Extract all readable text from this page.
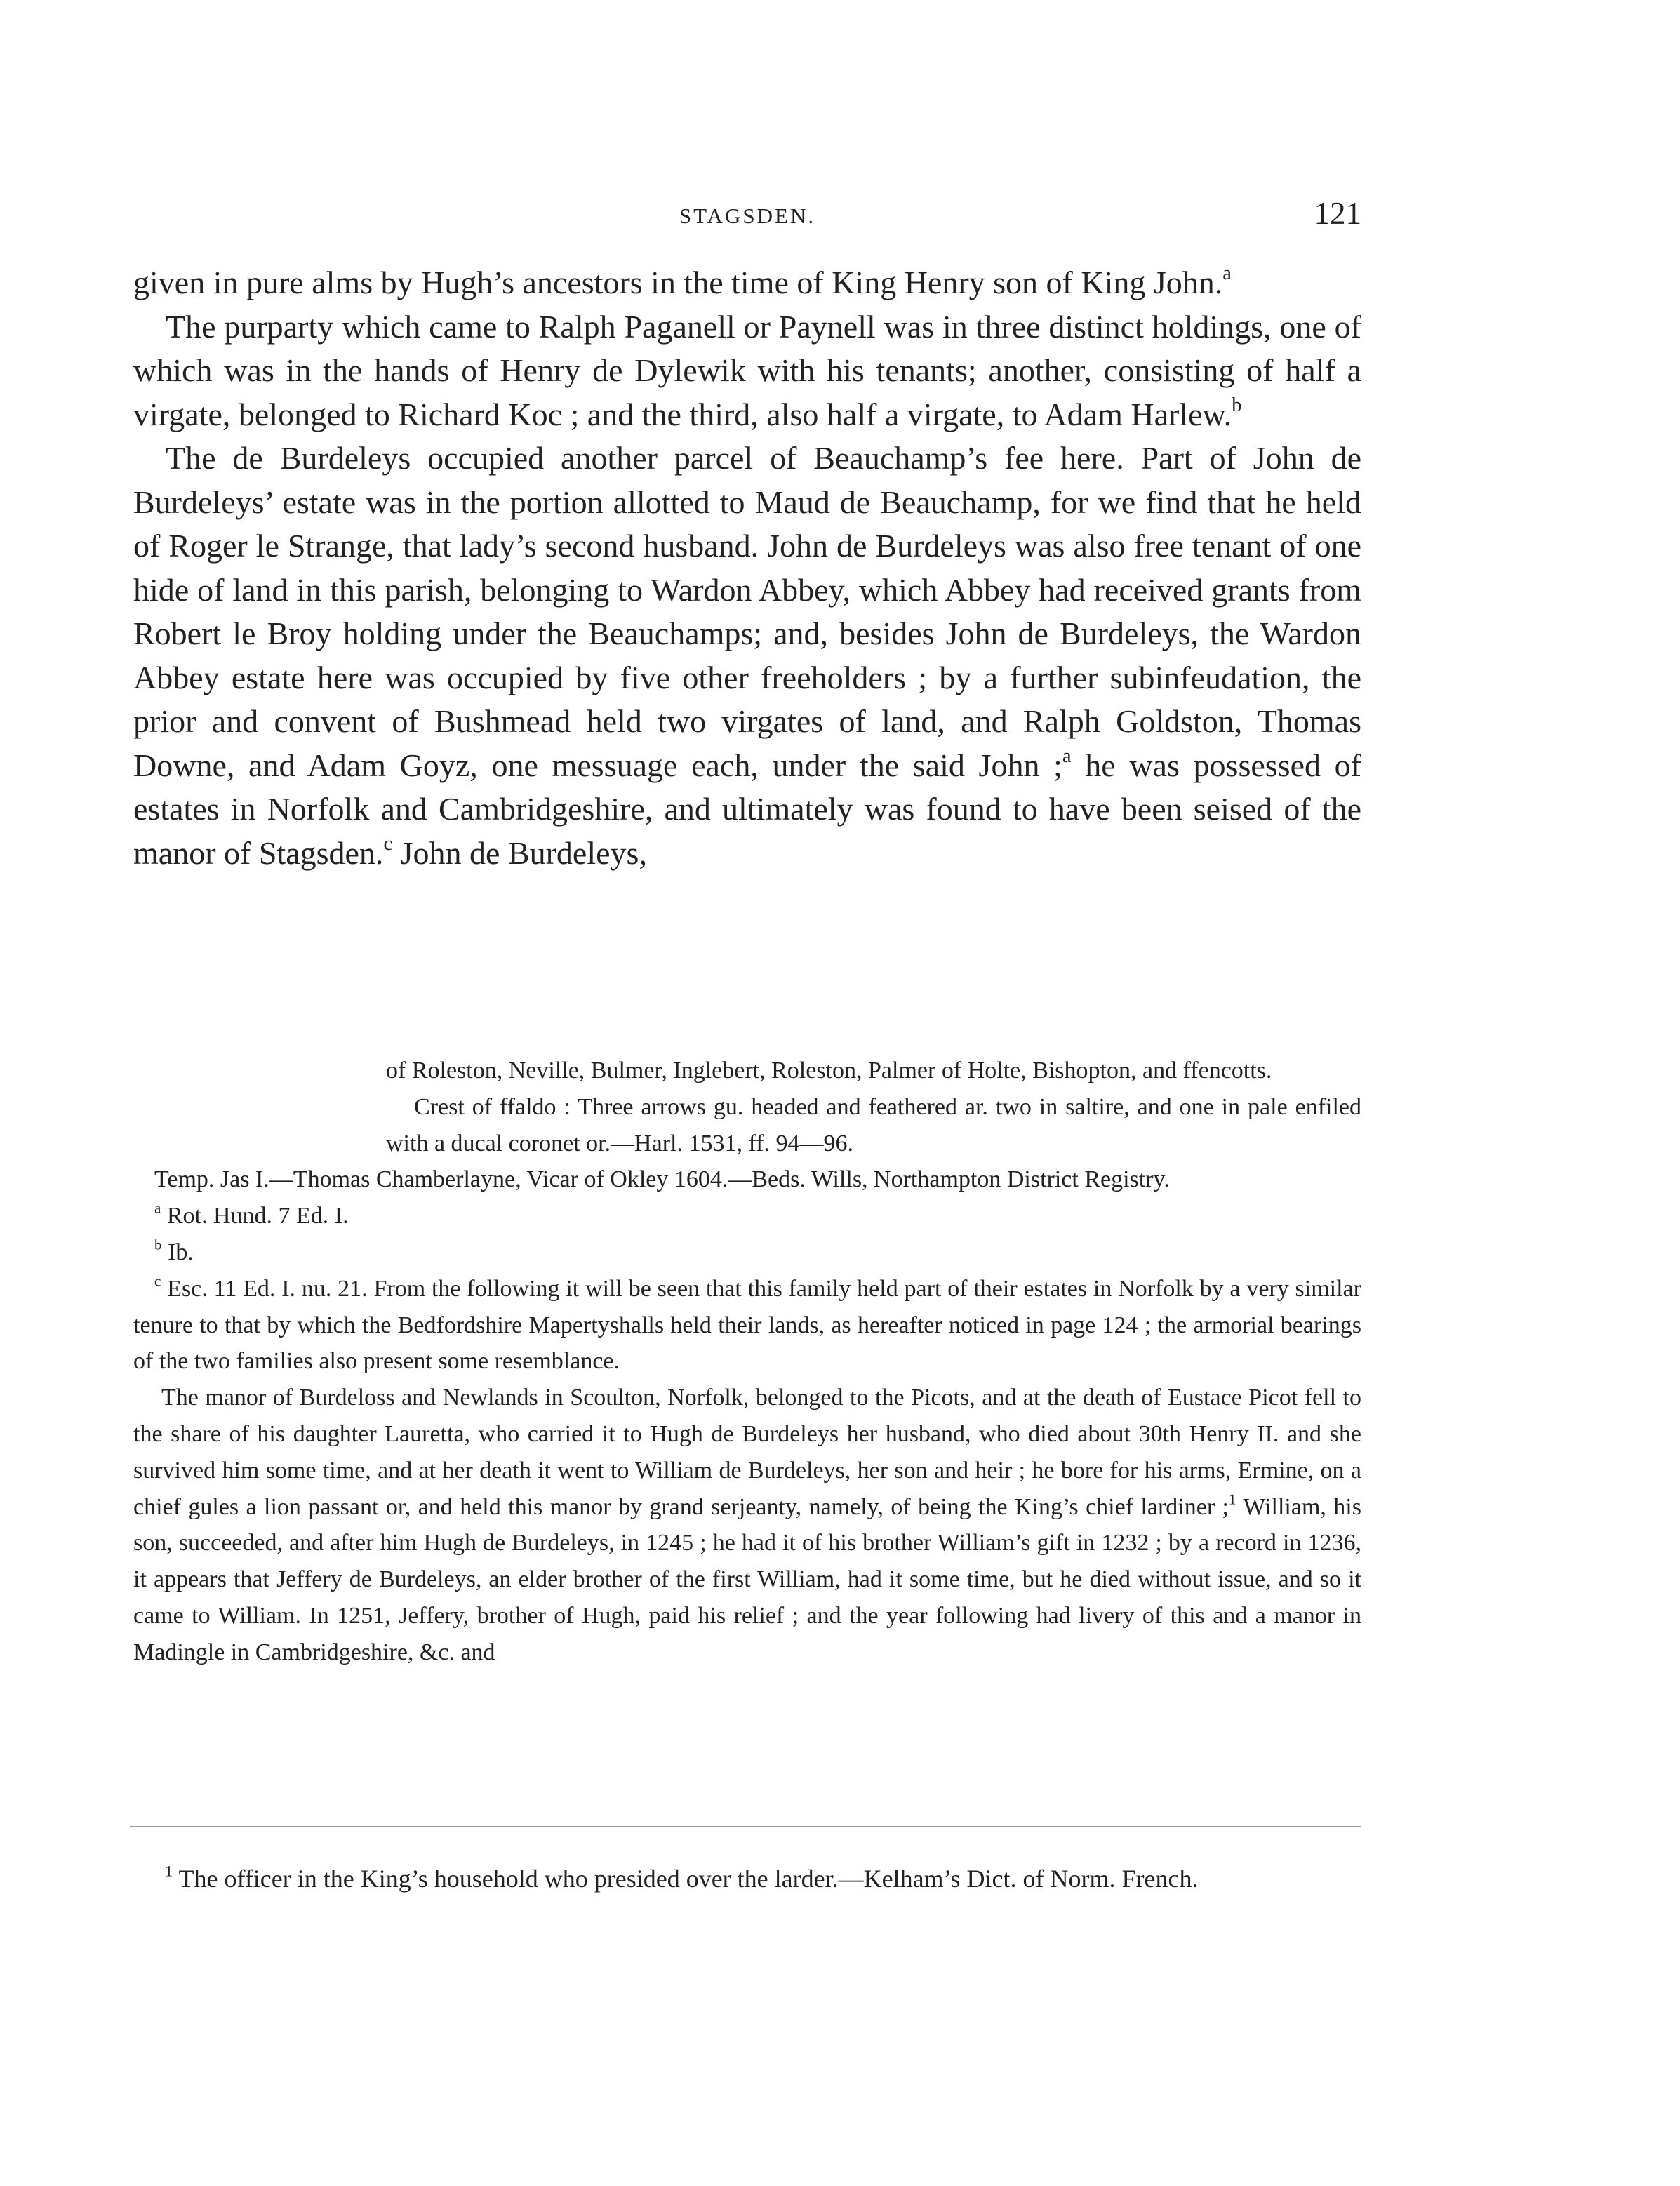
STAGSDEN.	121

given in pure alms by Hugh’s ancestors in the time of King Henry son of King John.$^a$

The purparty which came to Ralph Paganell or Paynell was in three distinct holdings, one of which was in the hands of Henry de Dylewik with his tenants; another, consisting of half a virgate, belonged to Richard Koc ; and the third, also half a virgate, to Adam Harlew.$^b$

The de Burdeleys occupied another parcel of Beauchamp’s fee here. Part of John de Burdeleys’ estate was in the portion allotted to Maud de Beauchamp, for we find that he held of Roger le Strange, that lady’s second husband. John de Burdeleys was also free tenant of one hide of land in this parish, belonging to Wardon Abbey, which Abbey had received grants from Robert le Broy holding under the Beauchamps; and, besides John de Burdeleys, the Wardon Abbey estate here was occupied by five other freeholders ; by a further subinfeudation, the prior and convent of Bushmead held two virgates of land, and Ralph Goldston, Thomas Downe, and Adam Goyz, one messuage each, under the said John ;$^a$ he was possessed of estates in Norfolk and Cambridgeshire, and ultimately was found to have been seised of the manor of Stagsden.$^c$ John de Burdeleys,

of Roleston, Neville, Bulmer, Inglebert, Roleston, Palmer of Holte, Bishopton, and ffencotts.

Crest of ffaldo : Three arrows gu. headed and feathered ar. two in saltire, and one in pale enfiled with a ducal coronet or.—Harl. 1531, ff. 94—96.

Temp. Jas I.—Thomas Chamberlayne, Vicar of Okley 1604.—Beds. Wills, Northampton District Registry.

$^a$ Rot. Hund. 7 Ed. I.

$^b$ Ib.

$^c$ Esc. 11 Ed. I. nu. 21. From the following it will be seen that this family held part of their estates in Norfolk by a very similar tenure to that by which the Bedfordshire Mapertyshalls held their lands, as hereafter noticed in page 124 ; the armorial bearings of the two families also present some resemblance.

The manor of Burdeloss and Newlands in Scoulton, Norfolk, belonged to the Picots, and at the death of Eustace Picot fell to the share of his daughter Lauretta, who carried it to Hugh de Burdeleys her husband, who died about 30th Henry II. and she survived him some time, and at her death it went to William de Burdeleys, her son and heir ; he bore for his arms, Ermine, on a chief gules a lion passant or, and held this manor by grand serjeanty, namely, of being the King’s chief lardiner ;$^1$ William, his son, succeeded, and after him Hugh de Burdeleys, in 1245 ; he had it of his brother William’s gift in 1232 ; by a record in 1236, it appears that Jeffery de Burdeleys, an elder brother of the first William, had it some time, but he died without issue, and so it came to William. In 1251, Jeffery, brother of Hugh, paid his relief ; and the year following had livery of this and a manor in Madingle in Cambridgeshire, &c. and

$^1$ The officer in the King’s household who presided over the larder.—Kelham’s Dict. of Norm. French.
